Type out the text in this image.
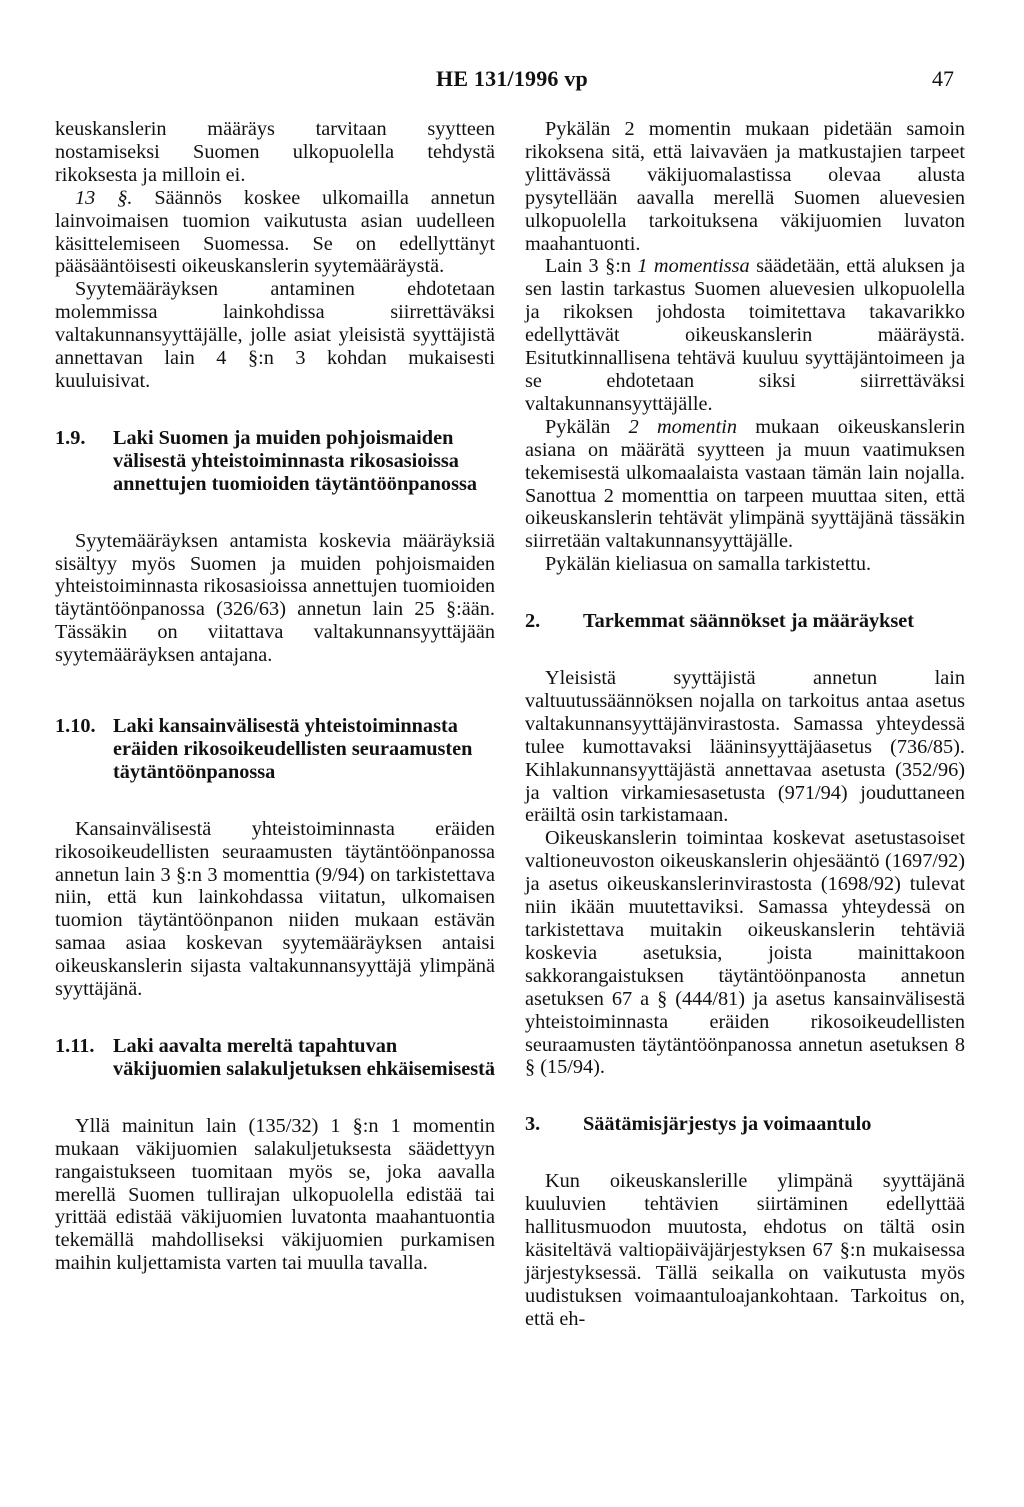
HE 131/1996 vp	47

keuskanslerin määräys tarvitaan syytteen nostamiseksi Suomen ulkopuolella tehdystä rikoksesta ja milloin ei.

13 §. Säännös koskee ulkomailla annetun lainvoimaisen tuomion vaikutusta asian uudelleen käsittelemiseen Suomessa. Se on edellyttänyt pääsääntöisesti oikeuskanslerin syytemääräystä.

Syytemääräyksen antaminen ehdotetaan molemmissa lainkohdissa siirrettäväksi valtakunnansyyttäjälle, jolle asiat yleisistä syyttäjistä annettavan lain 4 §:n 3 kohdan mukaisesti kuuluisivat.

1.9.	Laki Suomen ja muiden pohjoismaiden välisestä yhteistoiminnasta rikosasioissa annettujen tuomioiden täytäntöönpanossa

Syytemääräyksen antamista koskevia määräyksiä sisältyy myös Suomen ja muiden pohjoismaiden yhteistoiminnasta rikosasioissa annettujen tuomioiden täytäntöönpanossa (326/63) annetun lain 25 §:ään. Tässäkin on viitattava valtakunnansyyttäjään syytemääräyksen antajana.

1.10. Laki kansainvälisestä yhteistoiminnasta eräiden rikosoikeudellisten seuraamusten täytäntöönpanossa

Kansainvälisestä yhteistoiminnasta eräiden rikosoikeudellisten seuraamusten täytäntöönpanossa annetun lain 3 §:n 3 momenttia (9/94) on tarkistettava niin, että kun lainkohdassa viitatun, ulkomaisen tuomion täytäntöönpanon niiden mukaan estävän samaa asiaa koskevan syytemääräyksen antaisi oikeuskanslerin sijasta valtakunnansyyttäjä ylimpänä syyttäjänä.

1.11. Laki aavalta mereltä tapahtuvan väkijuomien salakuljetuksen ehkäisemisestä

Yllä mainitun lain (135/32) 1 §:n 1 momentin mukaan väkijuomien salakuljetuksesta säädettyyn rangaistukseen tuomitaan myös se, joka aavalla merellä Suomen tullirajan ulkopuolella edistää tai yrittää edistää väkijuomien luvatonta maahantuontia tekemällä mahdolliseksi väkijuomien purkamisen maihin kuljettamista varten tai muulla tavalla.

Pykälän 2 momentin mukaan pidetään samoin rikoksena sitä, että laivaväen ja matkustajien tarpeet ylittävässä väkijuomalastissa olevaa alusta pysytellään aavalla merellä Suomen aluevesien ulkopuolella tarkoituksena väkijuomien luvaton maahantuonti.

Lain 3 §:n 1 momentissa säädetään, että aluksen ja sen lastin tarkastus Suomen aluevesien ulkopuolella ja rikoksen johdosta toimitettava takavarikko edellyttävät oikeuskanslerin määräystä. Esitutkinnallisena tehtävä kuuluu syyttäjäntoimeen ja se ehdotetaan siksi siirrettäväksi valtakunnansyyttäjälle.

Pykälän 2 momentin mukaan oikeuskanslerin asiana on määrätä syytteen ja muun vaatimuksen tekemisestä ulkomaalaista vastaan tämän lain nojalla. Sanottua 2 momenttia on tarpeen muuttaa siten, että oikeuskanslerin tehtävät ylimpänä syyttäjänä tässäkin siirretään valtakunnansyyttäjälle.

Pykälän kieliasua on samalla tarkistettu.

2.	Tarkemmat säännökset ja määräykset

Yleisistä syyttäjistä annetun lain valtuutussäännöksen nojalla on tarkoitus antaa asetus valtakunnansyyttäjänvirastosta. Samassa yhteydessä tulee kumottavaksi lääninsyyttäjäasetus (736/85). Kihlakunnansyyttäjästä annettavaa asetusta (352/96) ja valtion virkamiesasetusta (971/94) jouduttaneen eräiltä osin tarkistamaan.

Oikeuskanslerin toimintaa koskevat asetustasoiset valtioneuvoston oikeuskanslerin ohjesääntö (1697/92) ja asetus oikeuskanslerinvirastosta (1698/92) tulevat niin ikään muutettaviksi. Samassa yhteydessä on tarkistettava muitakin oikeuskanslerin tehtäviä koskevia asetuksia, joista mainittakoon sakkorangaistuksen täytäntöönpanosta annetun asetuksen 67 a § (444/81) ja asetus kansainvälisestä yhteistoiminnasta eräiden rikosoikeudellisten seuraamusten täytäntöönpanossa annetun asetuksen 8 § (15/94).

3.	Säätämisjärjestys ja voimaantulo

Kun oikeuskanslerille ylimpänä syyttäjänä kuuluvien tehtävien siirtäminen edellyttää hallitusmuodon muutosta, ehdotus on tältä osin käsiteltävä valtiopäiväjärjestyksen 67 §:n mukaisessa järjestyksessä. Tällä seikalla on vaikutusta myös uudistuksen voimaantuloajankohtaan. Tarkoitus on, että eh-
